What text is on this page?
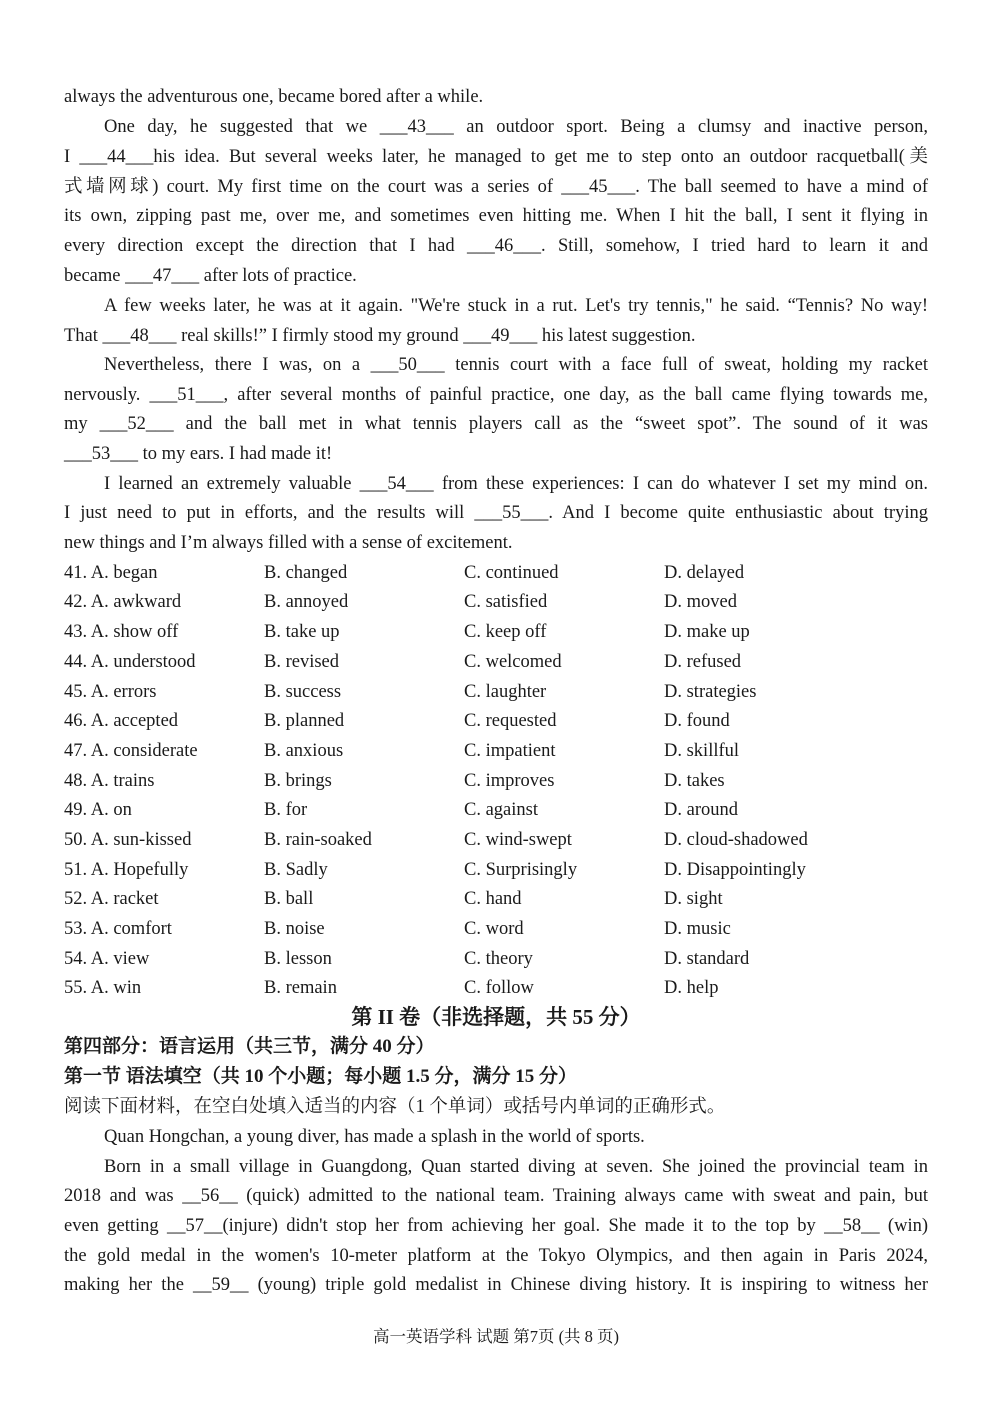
always the adventurous one, became bored after a while.
One day, he suggested that we ___43___ an outdoor sport. Being a clumsy and inactive person,
I ___44___his idea. But several weeks later, he managed to get me to step onto an outdoor racquetball(美
式墙网球) court. My first time on the court was a series of ___45___. The ball seemed to have a mind of
its own, zipping past me, over me, and sometimes even hitting me. When I hit the ball, I sent it flying in
every direction except the direction that I had ___46___. Still, somehow, I tried hard to learn it and
became ___47___ after lots of practice.
A few weeks later, he was at it again. "We're stuck in a rut. Let's try tennis," he said. “Tennis? No way!
That ___48___ real skills!” I firmly stood my ground ___49___ his latest suggestion.
Nevertheless, there I was, on a ___50___ tennis court with a face full of sweat, holding my racket
nervously. ___51___, after several months of painful practice, one day, as the ball came flying towards me,
my ___52___ and the ball met in what tennis players call as the “sweet spot”. The sound of it was
___53___ to my ears. I had made it!
I learned an extremely valuable ___54___ from these experiences: I can do whatever I set my mind on.
I just need to put in efforts, and the results will ___55___. And I become quite enthusiastic about trying
new things and I’m always filled with a sense of excitement.
41. A. began	B. changed	C. continued	D. delayed
42. A. awkward	B. annoyed	C. satisfied	D. moved
43. A. show off	B. take up	C. keep off	D. make up
44. A. understood	B. revised	C. welcomed	D. refused
45. A. errors	B. success	C. laughter	D. strategies
46. A. accepted	B. planned	C. requested	D. found
47. A. considerate	B. anxious	C. impatient	D. skillful
48. A. trains	B. brings	C. improves	D. takes
49. A. on	B. for	C. against	D. around
50. A. sun-kissed	B. rain-soaked	C. wind-swept	D. cloud-shadowed
51. A. Hopefully	B. Sadly	C. Surprisingly	D. Disappointingly
52. A. racket	B. ball	C. hand	D. sight
53. A. comfort	B. noise	C. word	D. music
54. A. view	B. lesson	C. theory	D. standard
55. A. win	B. remain	C. follow	D. help
第 II 卷（非选择题，共 55 分）
第四部分：语言运用（共三节，满分 40 分）
第一节 语法填空（共 10 个小题；每小题 1.5 分，满分 15 分）
阅读下面材料，在空白处填入适当的内容（1 个单词）或括号内单词的正确形式。
Quan Hongchan, a young diver, has made a splash in the world of sports.
Born in a small village in Guangdong, Quan started diving at seven. She joined the provincial team in
2018 and was __56__ (quick) admitted to the national team. Training always came with sweat and pain, but
even getting __57__(injure) didn't stop her from achieving her goal. She made it to the top by __58__ (win)
the gold medal in the women's 10-meter platform at the Tokyo Olympics, and then again in Paris 2024,
making her the __59__ (young) triple gold medalist in Chinese diving history. It is inspiring to witness her
高一英语学科 试题 第7页 (共 8 页)
